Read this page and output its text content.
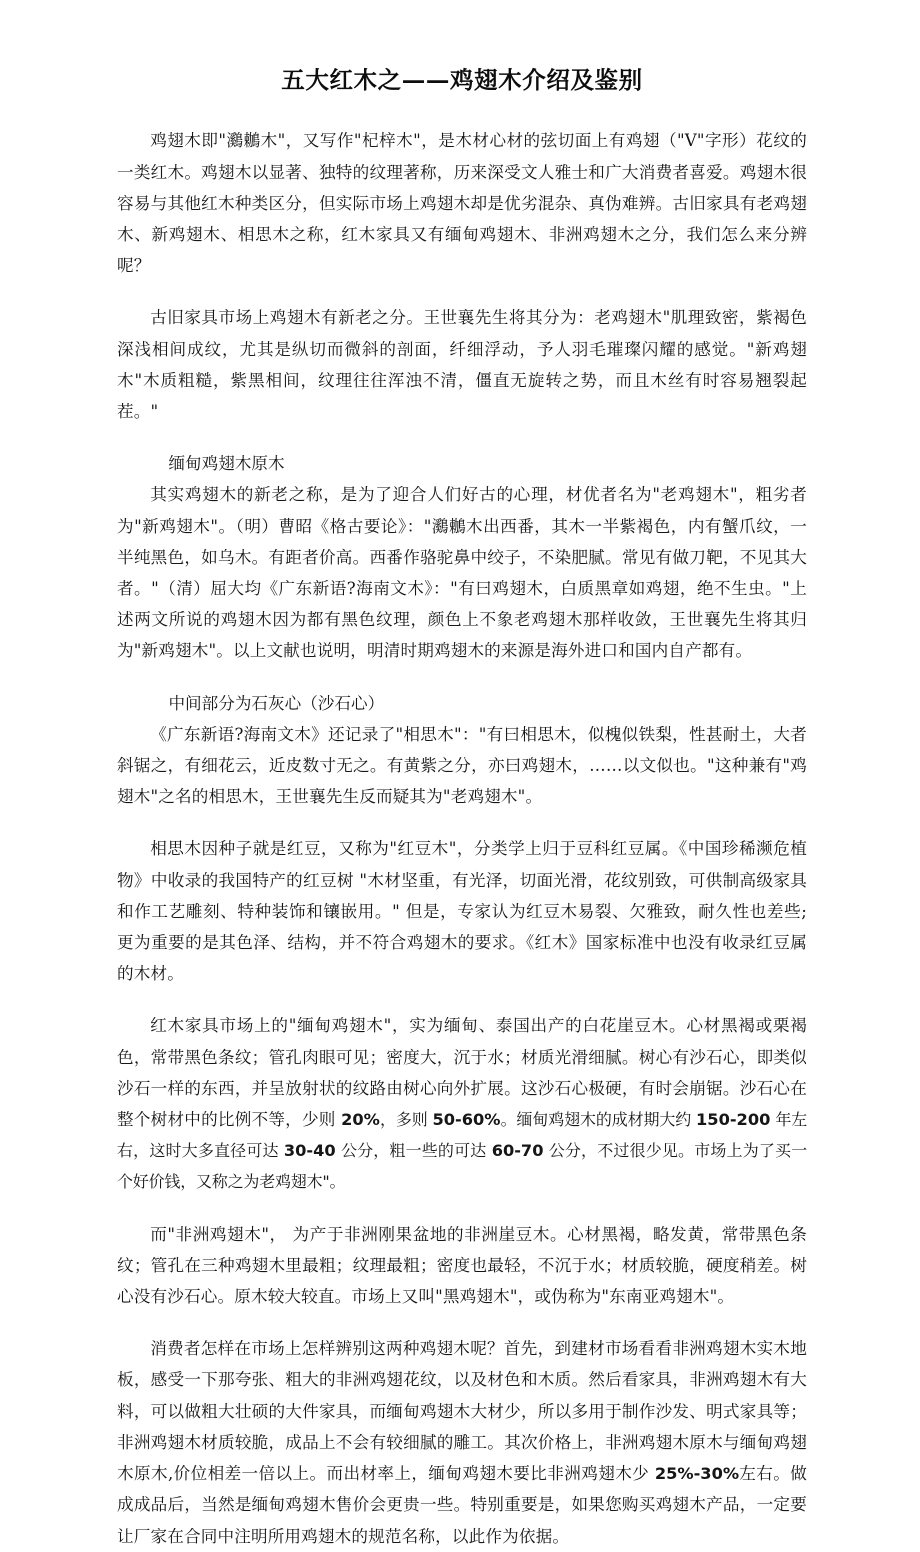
五大红木之——鸡翅木介绍及鉴别

鸡翅木即"鸂鶒木"，又写作"杞梓木"，是木材心材的弦切面上有鸡翅（"V"字形）花纹的一类红木。鸡翅木以显著、独特的纹理著称，历来深受文人雅士和广大消费者喜爱。鸡翅木很容易与其他红木种类区分，但实际市场上鸡翅木却是优劣混杂、真伪难辨。古旧家具有老鸡翅木、新鸡翅木、相思木之称，红木家具又有缅甸鸡翅木、非洲鸡翅木之分，我们怎么来分辨呢？

古旧家具市场上鸡翅木有新老之分。王世襄先生将其分为：老鸡翅木"肌理致密，紫褐色深浅相间成纹，尤其是纵切而微斜的剖面，纤细浮动，予人羽毛璀璨闪耀的感觉。"新鸡翅木"木质粗糙，紫黑相间，纹理往往浑浊不清，僵直无旋转之势，而且木丝有时容易翘裂起茬。"

缅甸鸡翅木原木

其实鸡翅木的新老之称，是为了迎合人们好古的心理，材优者名为"老鸡翅木"，粗劣者为"新鸡翅木"。（明）曹昭《格古要论》："鸂鶒木出西番，其木一半紫褐色，内有蟹爪纹，一半纯黑色，如乌木。有距者价高。西番作骆驼鼻中绞子，不染肥腻。常见有做刀靶，不见其大者。"（清）屈大均《广东新语?海南文木》："有曰鸡翅木，白质黑章如鸡翅，绝不生虫。"上述两文所说的鸡翅木因为都有黑色纹理，颜色上不象老鸡翅木那样收敛，王世襄先生将其归为"新鸡翅木"。以上文献也说明，明清时期鸡翅木的来源是海外进口和国内自产都有。

中间部分为石灰心（沙石心）

《广东新语?海南文木》还记录了"相思木"："有曰相思木，似槐似铁梨，性甚耐土，大者斜锯之，有细花云，近皮数寸无之。有黄紫之分，亦曰鸡翅木，……以文似也。"这种兼有"鸡翅木"之名的相思木，王世襄先生反而疑其为"老鸡翅木"。

相思木因种子就是红豆，又称为"红豆木"，分类学上归于豆科红豆属。《中国珍稀濒危植物》中收录的我国特产的红豆树 "木材坚重，有光泽，切面光滑，花纹别致，可供制高级家具和作工艺雕刻、特种装饰和镶嵌用。" 但是，专家认为红豆木易裂、欠雅致，耐久性也差些; 更为重要的是其色泽、结构，并不符合鸡翅木的要求。《红木》国家标准中也没有收录红豆属的木材。

红木家具市场上的"缅甸鸡翅木"，实为缅甸、泰国出产的白花崖豆木。心材黑褐或栗褐色，常带黑色条纹；管孔肉眼可见；密度大，沉于水；材质光滑细腻。树心有沙石心，即类似沙石一样的东西，并呈放射状的纹路由树心向外扩展。这沙石心极硬，有时会崩锯。沙石心在整个树材中的比例不等，少则 20%，多则 50-60%。缅甸鸡翅木的成材期大约 150-200 年左右，这时大多直径可达 30-40 公分，粗一些的可达 60-70 公分，不过很少见。市场上为了买一个好价钱，又称之为老鸡翅木"。

而"非洲鸡翅木"， 为产于非洲刚果盆地的非洲崖豆木。心材黑褐，略发黄，常带黑色条纹；管孔在三种鸡翅木里最粗；纹理最粗；密度也最轻，不沉于水；材质较脆，硬度稍差。树心没有沙石心。原木较大较直。市场上又叫"黑鸡翅木"，或伪称为"东南亚鸡翅木"。

消费者怎样在市场上怎样辨别这两种鸡翅木呢？首先，到建材市场看看非洲鸡翅木实木地板，感受一下那夸张、粗大的非洲鸡翅花纹，以及材色和木质。然后看家具，非洲鸡翅木有大料，可以做粗大壮硕的大件家具，而缅甸鸡翅木大材少，所以多用于制作沙发、明式家具等；非洲鸡翅木材质较脆，成品上不会有较细腻的雕工。其次价格上，非洲鸡翅木原木与缅甸鸡翅木原木,价位相差一倍以上。而出材率上，缅甸鸡翅木要比非洲鸡翅木少 25%-30%左右。做成成品后，当然是缅甸鸡翅木售价会更贵一些。特别重要是，如果您购买鸡翅木产品，一定要让厂家在合同中注明所用鸡翅木的规范名称，以此作为依据。
